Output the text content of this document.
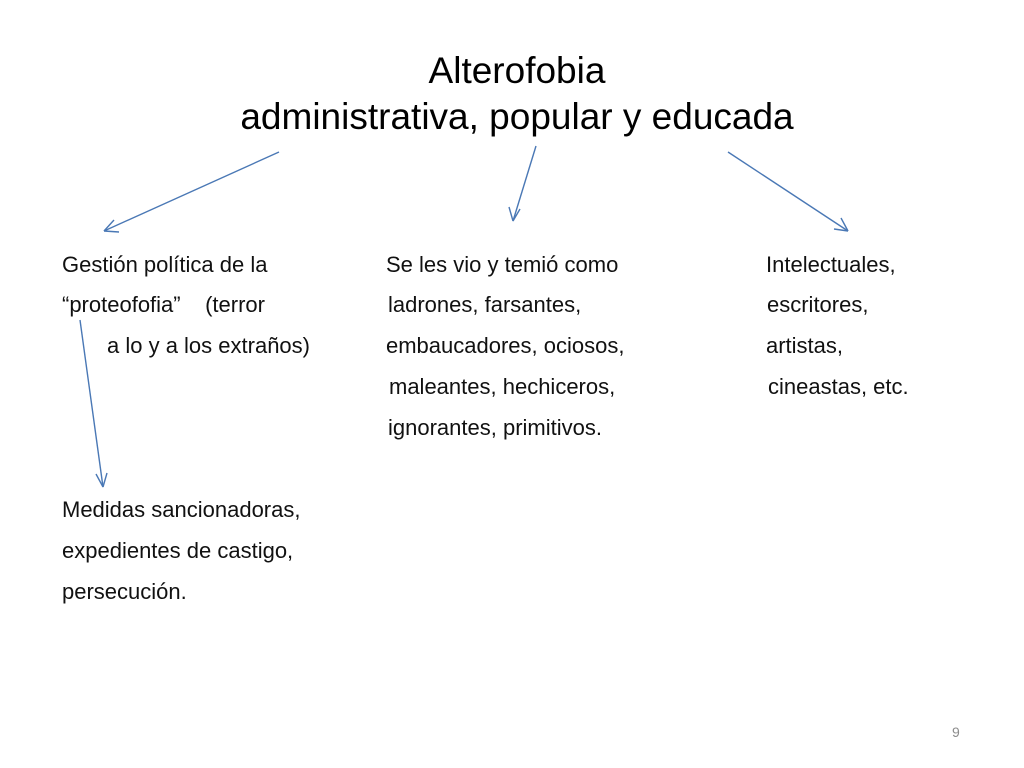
Alterofobia
administrativa, popular y educada
Gestión política de la
“proteofofia”    (terror
a lo y a los extraños)
Medidas sancionadoras,
expedientes de castigo,
persecución.
Se les vio y temió como
ladrones, farsantes,
embaucadores, ociosos,
maleantes, hechiceros,
ignorantes, primitivos.
Intelectuales,
escritores,
artistas,
cineastas, etc.
9
